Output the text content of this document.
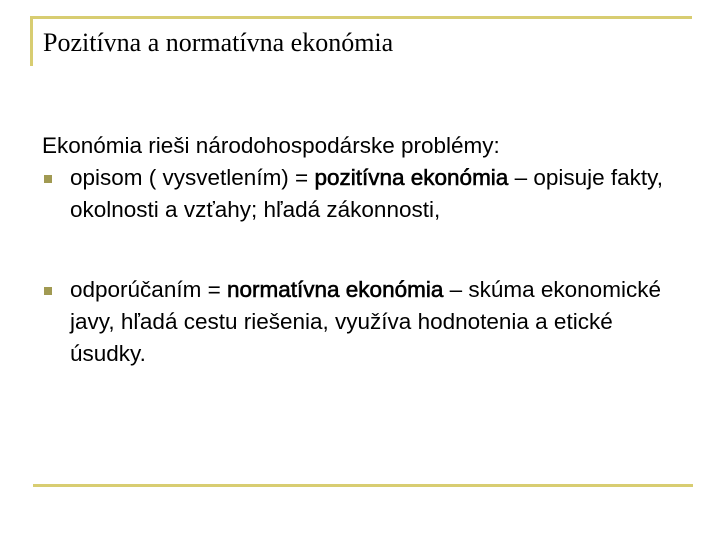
Pozitívna a normatívna ekonómia

Ekonómia rieši národohospodárske problémy:

opisom ( vysvetlením) = pozitívna ekonómia – opisuje fakty, okolnosti a vzťahy; hľadá zákonnosti,
odporúčaním = normatívna ekonómia – skúma ekonomické javy, hľadá cestu riešenia, využíva hodnotenia a etické úsudky.
